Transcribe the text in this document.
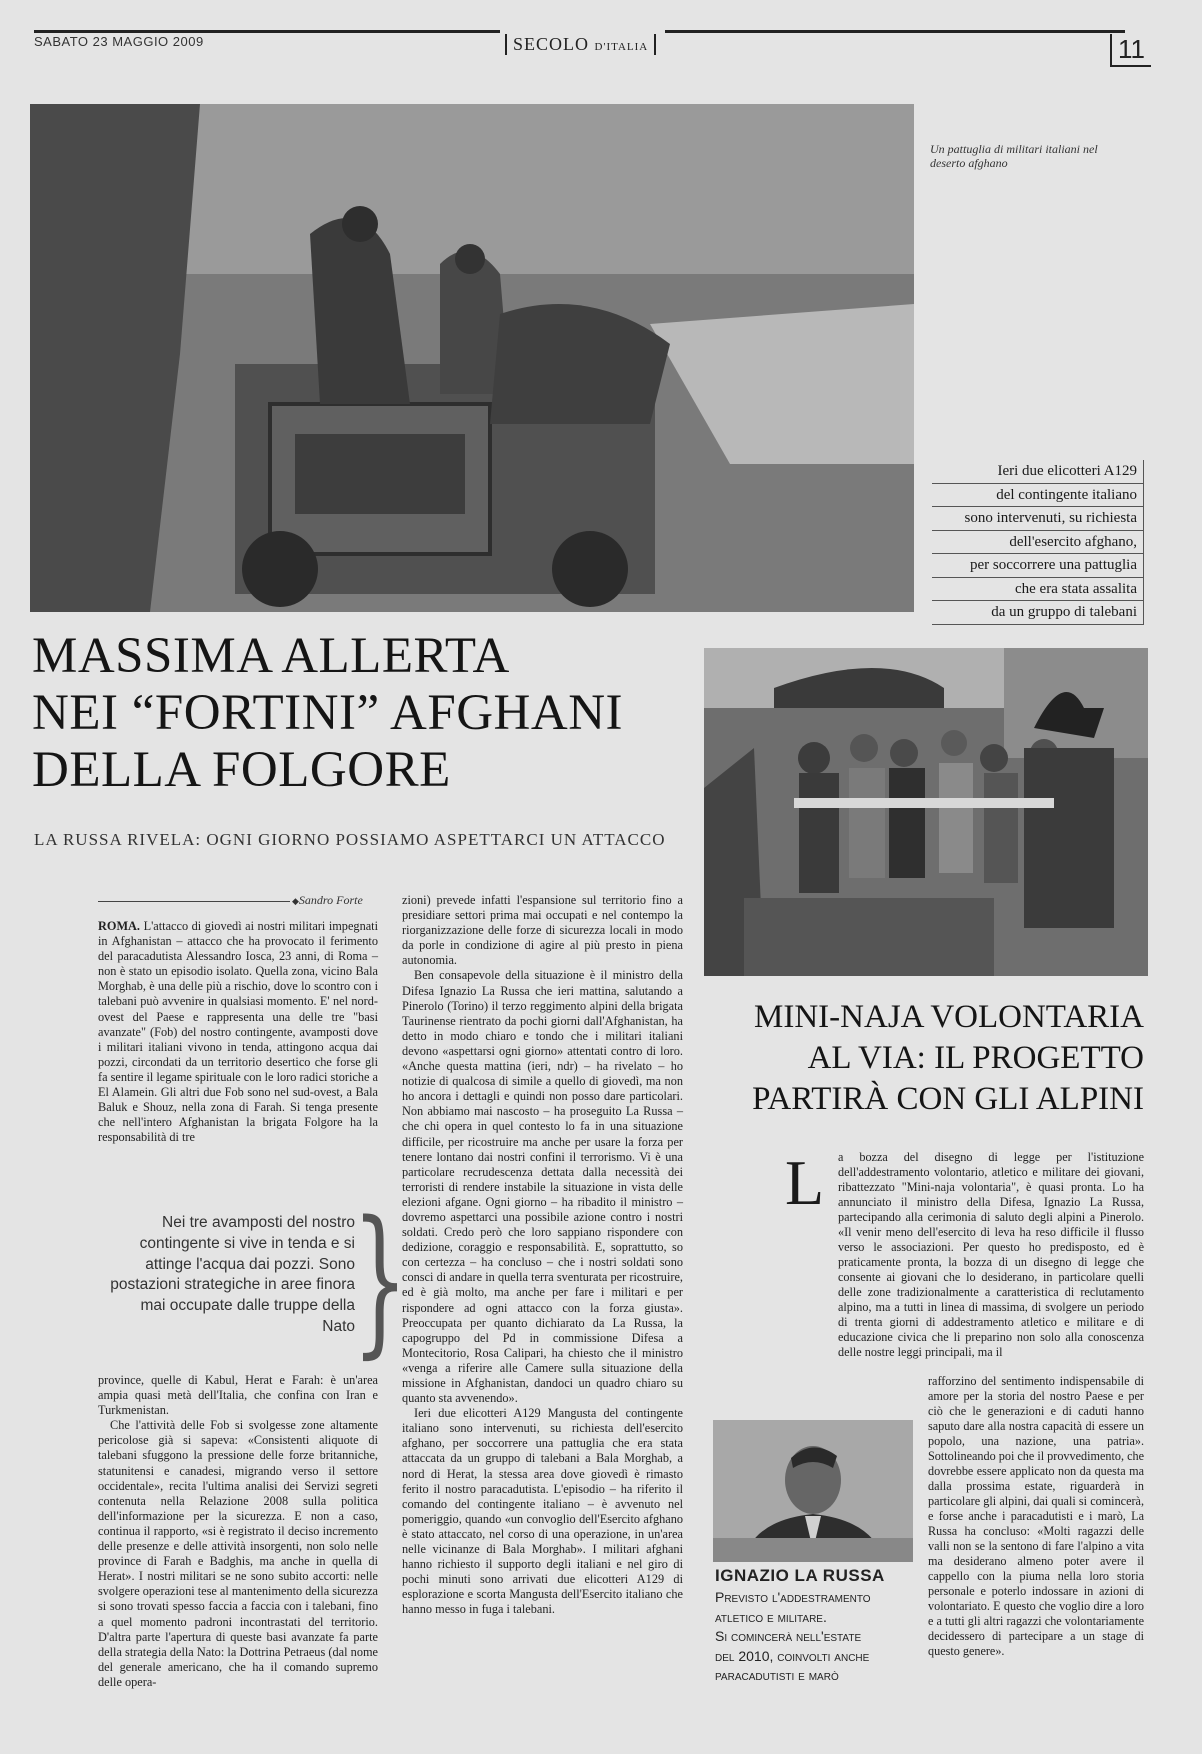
SABATO 23 MAGGIO 2009	SECOLO D'ITALIA	11
Un pattuglia di militari italiani nel deserto afghano
Ieri due elicotteri A129
del contingente italiano
sono intervenuti, su richiesta
dell'esercito afghano,
per soccorrere una pattuglia
che era stata assalita
da un gruppo di talebani
MASSIMA ALLERTA
NEI “FORTINI” AFGHANI
DELLA FOLGORE
LA RUSSA RIVELA: OGNI GIORNO POSSIAMO ASPETTARCI UN ATTACCO
◆ Sandro Forte

ROMA. L'attacco di giovedì ai nostri militari impegnati in Afghanistan – attacco che ha provocato il ferimento del paracadutista Alessandro Iosca, 23 anni, di Roma – non è stato un episodio isolato. Quella zona, vicino Bala Morghab, è una delle più a rischio, dove lo scontro con i talebani può avvenire in qualsiasi momento. E' nel nord-ovest del Paese e rappresenta una delle tre "basi avanzate" (Fob) del nostro contingente, avamposti dove i militari italiani vivono in tenda, attingono acqua dai pozzi, circondati da un territorio desertico che forse gli fa sentire il legame spirituale con le loro radici storiche a El Alamein. Gli altri due Fob sono nel sud-ovest, a Bala Baluk e Shouz, nella zona di Farah. Si tenga presente che nell'intero Afghanistan la brigata Folgore ha la responsabilità di tre

Nei tre avamposti del nostro contingente si vive in tenda e si attinge l'acqua dai pozzi. Sono postazioni strategiche in aree finora mai occupate dalle truppe della Nato
}

province, quelle di Kabul, Herat e Farah: è un'area ampia quasi metà dell'Italia, che confina con Iran e Turkmenistan.

Che l'attività delle Fob si svolgesse zone altamente pericolose già si sapeva: «Consistenti aliquote di talebani sfuggono la pressione delle forze britanniche, statunitensi e canadesi, migrando verso il settore occidentale», recita l'ultima analisi dei Servizi segreti contenuta nella Relazione 2008 sulla politica dell'informazione per la sicurezza. E non a caso, continua il rapporto, «si è registrato il deciso incremento delle presenze e delle attività insorgenti, non solo nelle province di Farah e Badghis, ma anche in quella di Herat». I nostri militari se ne sono subito accorti: nelle svolgere operazioni tese al mantenimento della sicurezza si sono trovati spesso faccia a faccia con i talebani, fino a quel momento padroni incontrastati del territorio. D'altra parte l'apertura di queste basi avanzate fa parte della strategia della Nato: la Dottrina Petraeus (dal nome del generale americano, che ha il comando supremo delle opera-

zioni) prevede infatti l'espansione sul territorio fino a presidiare settori prima mai occupati e nel contempo la riorganizzazione delle forze di sicurezza locali in modo da porle in condizione di agire al più presto in piena autonomia.

Ben consapevole della situazione è il ministro della Difesa Ignazio La Russa che ieri mattina, salutando a Pinerolo (Torino) il terzo reggimento alpini della brigata Taurinense rientrato da pochi giorni dall'Afghanistan, ha detto in modo chiaro e tondo che i militari italiani devono «aspettarsi ogni giorno» attentati contro di loro. «Anche questa mattina (ieri, ndr) – ha rivelato – ho notizie di qualcosa di simile a quello di giovedì, ma non ho ancora i dettagli e quindi non posso dare particolari. Non abbiamo mai nascosto – ha proseguito La Russa – che chi opera in quel contesto lo fa in una situazione difficile, per ricostruire ma anche per usare la forza per tenere lontano dai nostri confini il terrorismo. Vi è una particolare recrudescenza dettata dalla necessità dei terroristi di rendere instabile la situazione in vista delle elezioni afgane. Ogni giorno – ha ribadito il ministro – dovremo aspettarci una possibile azione contro i nostri soldati. Credo però che loro sappiano rispondere con dedizione, coraggio e responsabilità. E, soprattutto, so con certezza – ha concluso – che i nostri soldati sono consci di andare in quella terra sventurata per ricostruire, ed è già molto, ma anche per fare i militari e per rispondere ad ogni attacco con la forza giusta». Preoccupata per quanto dichiarato da La Russa, la capogruppo del Pd in commissione Difesa a Montecitorio, Rosa Calipari, ha chiesto che il ministro «venga a riferire alle Camere sulla situazione della missione in Afghanistan, dandoci un quadro chiaro su quanto sta avvenendo».

Ieri due elicotteri A129 Mangusta del contingente italiano sono intervenuti, su richiesta dell'esercito afghano, per soccorrere una pattuglia che era stata attaccata da un gruppo di talebani a Bala Morghab, a nord di Herat, la stessa area dove giovedì è rimasto ferito il nostro paracadutista. L'episodio – ha riferito il comando del contingente italiano – è avvenuto nel pomeriggio, quando «un convoglio dell'Esercito afghano è stato attaccato, nel corso di una operazione, in un'area nelle vicinanze di Bala Morghab». I militari afghani hanno richiesto il supporto degli italiani e nel giro di pochi minuti sono arrivati due elicotteri A129 di esplorazione e scorta Mangusta dell'Esercito italiano che hanno messo in fuga i talebani.

MINI-NAJA VOLONTARIA
AL VIA: IL PROGETTO
PARTIRÀ CON GLI ALPINI
L a bozza del disegno di legge per l'istituzione dell'addestramento volontario, atletico e militare dei giovani, ribattezzato "Mini-naja volontaria", è quasi pronta. Lo ha annunciato il ministro della Difesa, Ignazio La Russa, partecipando alla cerimonia di saluto degli alpini a Pinerolo. «Il venir meno dell'esercito di leva ha reso difficile il flusso verso le associazioni. Per questo ho predisposto, ed è praticamente pronta, la bozza di un disegno di legge che consente ai giovani che lo desiderano, in particolare quelli delle zone tradizionalmente a caratteristica di reclutamento alpino, ma a tutti in linea di massima, di svolgere un periodo di trenta giorni di addestramento atletico e militare e di educazione civica che li preparino non solo alla conoscenza delle nostre leggi principali, ma il

IGNAZIO LA RUSSA
Previsto l'addestramento
atletico e militare.
Si comincerà nell'estate
del 2010, coinvolti anche
paracadutisti e marò

rafforzino del sentimento indispensabile di amore per la storia del nostro Paese e per ciò che le generazioni e di caduti hanno saputo dare alla nostra capacità di essere un popolo, una nazione, una patria». Sottolineando poi che il provvedimento, che dovrebbe essere applicato non da questa ma dalla prossima estate, riguarderà in particolare gli alpini, dai quali si comincerà, e forse anche i paracadutisti e i marò, La Russa ha concluso: «Molti ragazzi delle valli non se la sentono di fare l'alpino a vita ma desiderano almeno poter avere il cappello con la piuma nella loro storia personale e poterlo indossare in azioni di volontariato. E questo che voglio dire a loro e a tutti gli altri ragazzi che volontariamente decidessero di partecipare a un stage di questo genere».
